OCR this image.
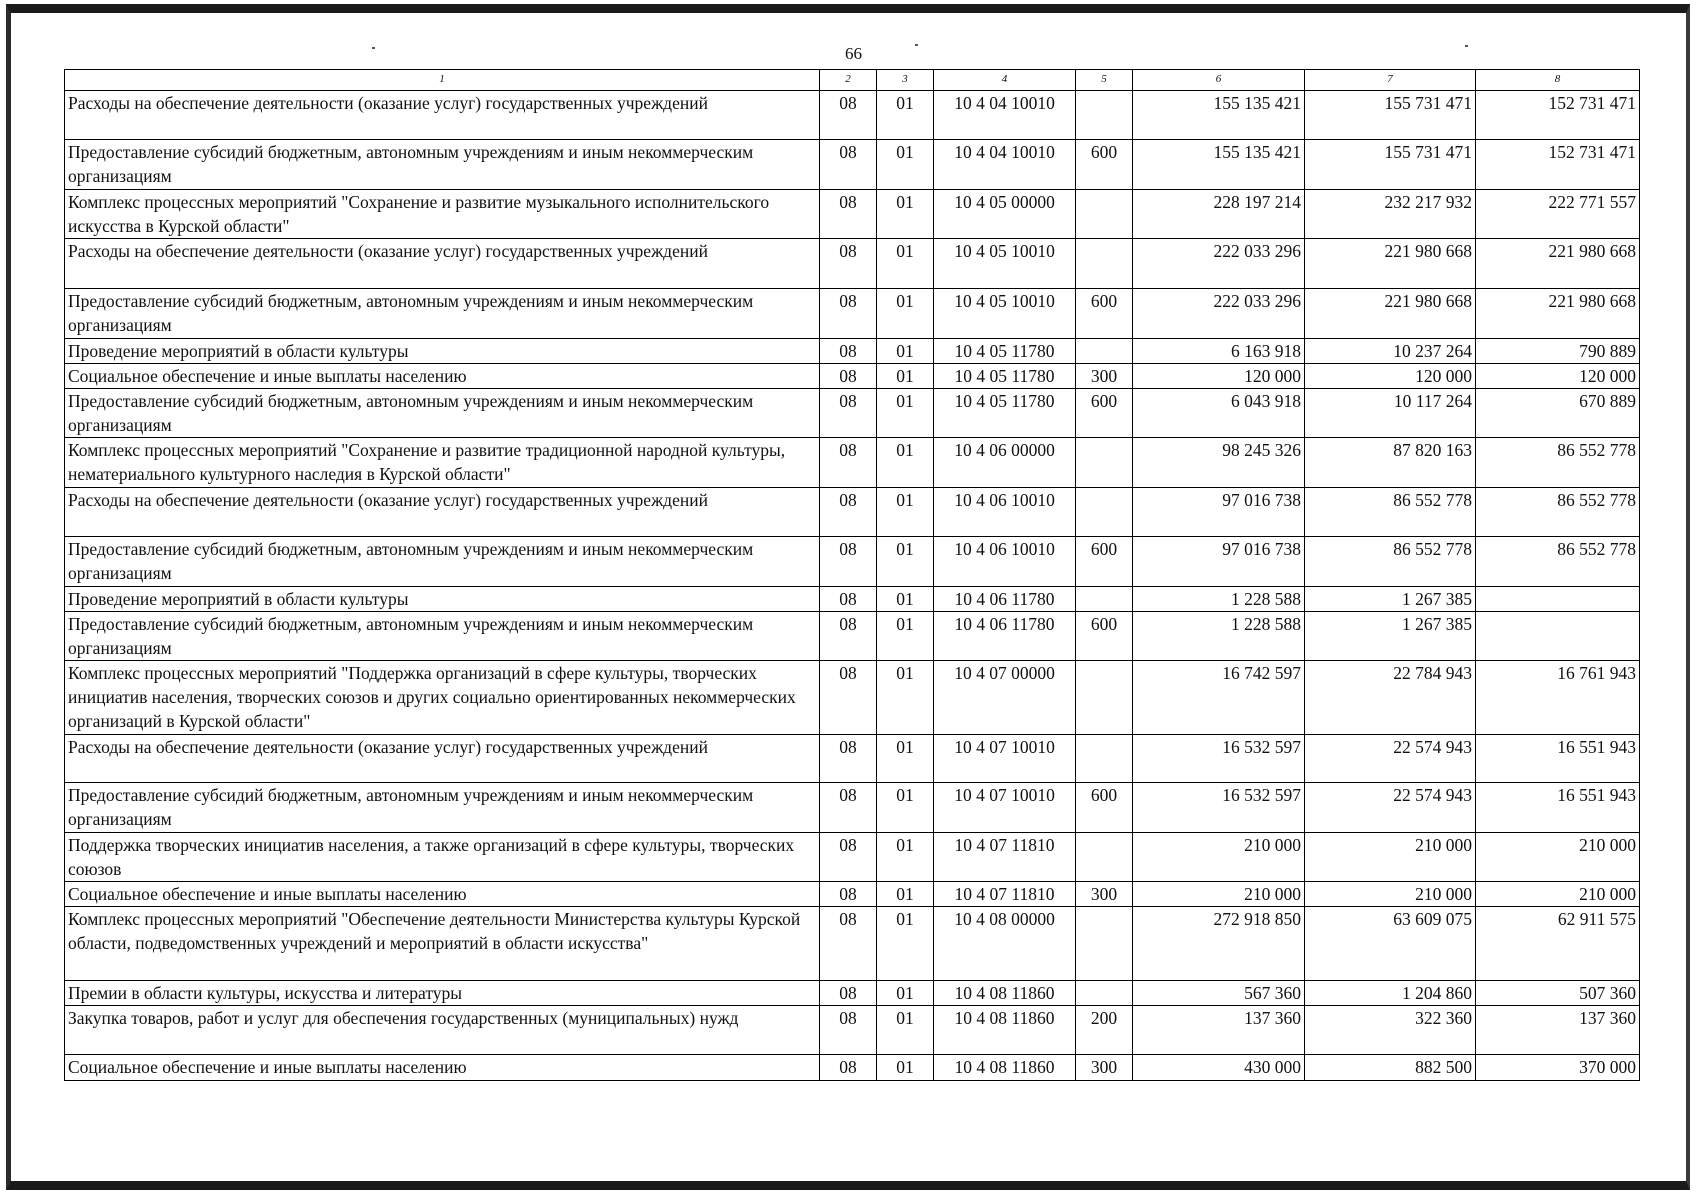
66
1	2	3	4	5	6	7	8
Расходы на обеспечение деятельности (оказание услуг) государственных учреждений	08	01	10 4 04 10010		155 135 421	155 731 471	152 731 471
Предоставление субсидий бюджетным, автономным учреждениям и иным некоммерческим организациям	08	01	10 4 04 10010	600	155 135 421	155 731 471	152 731 471
Комплекс процессных мероприятий "Сохранение и развитие музыкального исполнительского искусства в Курской области"	08	01	10 4 05 00000		228 197 214	232 217 932	222 771 557
Расходы на обеспечение деятельности (оказание услуг) государственных учреждений	08	01	10 4 05 10010		222 033 296	221 980 668	221 980 668
Предоставление субсидий бюджетным, автономным учреждениям и иным некоммерческим организациям	08	01	10 4 05 10010	600	222 033 296	221 980 668	221 980 668
Проведение мероприятий в области культуры	08	01	10 4 05 11780		6 163 918	10 237 264	790 889
Социальное обеспечение и иные выплаты населению	08	01	10 4 05 11780	300	120 000	120 000	120 000
Предоставление субсидий бюджетным, автономным учреждениям и иным некоммерческим организациям	08	01	10 4 05 11780	600	6 043 918	10 117 264	670 889
Комплекс процессных мероприятий "Сохранение и развитие традиционной народной культуры, нематериального культурного наследия в Курской области"	08	01	10 4 06 00000		98 245 326	87 820 163	86 552 778
Расходы на обеспечение деятельности (оказание услуг) государственных учреждений	08	01	10 4 06 10010		97 016 738	86 552 778	86 552 778
Предоставление субсидий бюджетным, автономным учреждениям и иным некоммерческим организациям	08	01	10 4 06 10010	600	97 016 738	86 552 778	86 552 778
Проведение мероприятий в области культуры	08	01	10 4 06 11780		1 228 588	1 267 385	
Предоставление субсидий бюджетным, автономным учреждениям и иным некоммерческим организациям	08	01	10 4 06 11780	600	1 228 588	1 267 385	
Комплекс процессных мероприятий "Поддержка организаций в сфере культуры, творческих инициатив населения, творческих союзов и других социально ориентированных некоммерческих организаций в Курской области"	08	01	10 4 07 00000		16 742 597	22 784 943	16 761 943
Расходы на обеспечение деятельности (оказание услуг) государственных учреждений	08	01	10 4 07 10010		16 532 597	22 574 943	16 551 943
Предоставление субсидий бюджетным, автономным учреждениям и иным некоммерческим организациям	08	01	10 4 07 10010	600	16 532 597	22 574 943	16 551 943
Поддержка творческих инициатив населения, а также организаций в сфере культуры, творческих союзов	08	01	10 4 07 11810		210 000	210 000	210 000
Социальное обеспечение и иные выплаты населению	08	01	10 4 07 11810	300	210 000	210 000	210 000
Комплекс процессных мероприятий "Обеспечение деятельности Министерства культуры Курской области, подведомственных учреждений и мероприятий в области искусства"	08	01	10 4 08 00000		272 918 850	63 609 075	62 911 575
Премии в области культуры, искусства и литературы	08	01	10 4 08 11860		567 360	1 204 860	507 360
Закупка товаров, работ и услуг для обеспечения государственных (муниципальных) нужд	08	01	10 4 08 11860	200	137 360	322 360	137 360
Социальное обеспечение и иные выплаты населению	08	01	10 4 08 11860	300	430 000	882 500	370 000
